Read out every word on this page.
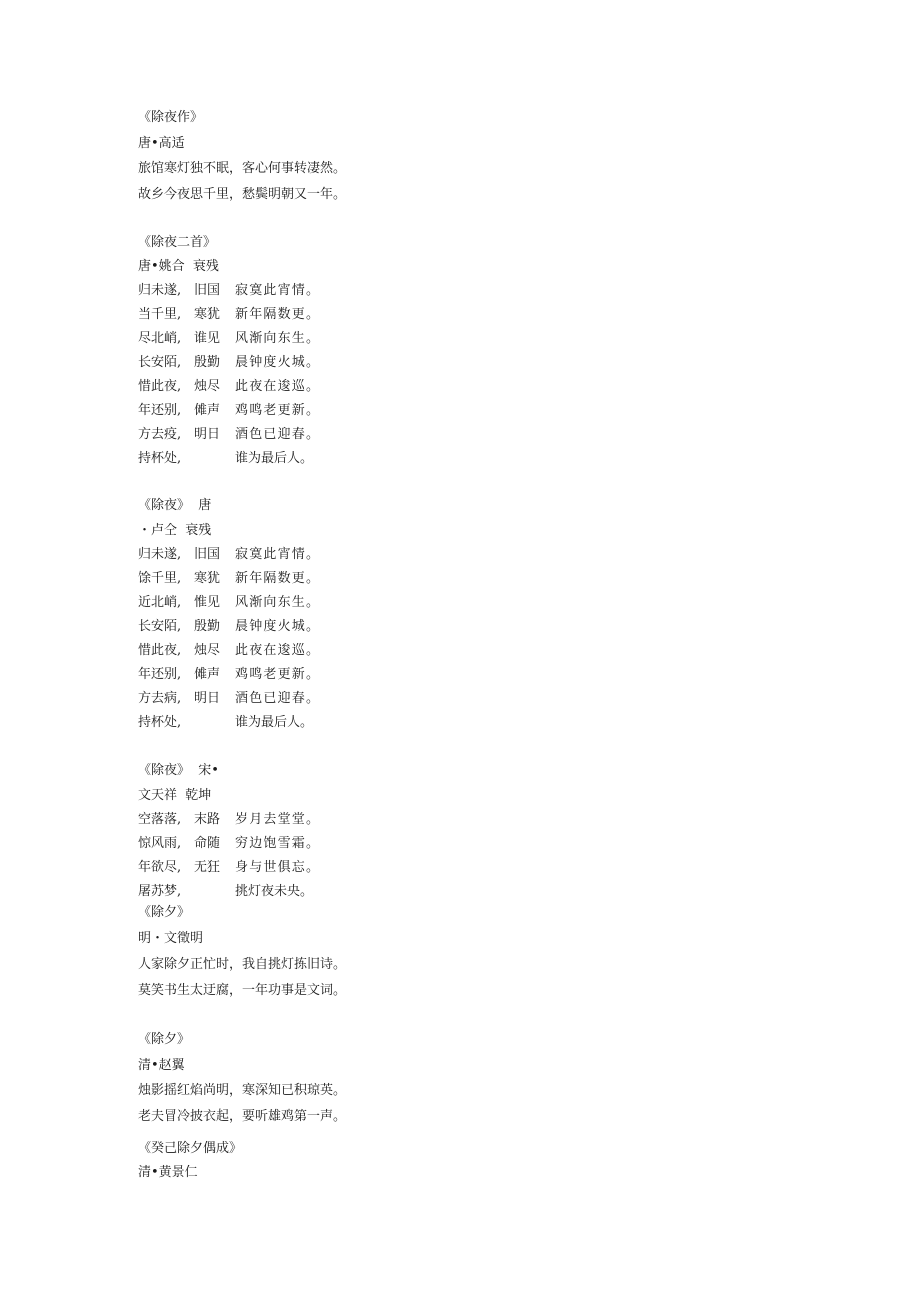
《除夜作》
唐•高适
旅馆寒灯独不眠，客心何事转凄然。
故乡今夜思千里，愁鬓明朝又一年。
《除夜二首》
唐•姚合  衰残
归未遂, 旧国 寂寞此宵情。
当千里, 寒犹 新年隔数更。
尽北峭, 谁见 风渐向东生。
长安陌, 殷勤 晨钟度火城。
惜此夜, 烛尽 此夜在逡巡。
年还别, 傩声 鸡鸣老更新。
方去疫, 明日 酒色已迎春。
持杯处,	谁为最后人。
《除夜》  唐
・卢仝  衰残
归未遂, 旧国 寂寞此宵情。
馀千里, 寒犹 新年隔数更。
近北峭, 惟见 风渐向东生。
长安陌, 殷勤 晨钟度火城。
惜此夜, 烛尽 此夜在逡巡。
年还别, 傩声 鸡鸣老更新。
方去病, 明日 酒色已迎春。
持杯处,	谁为最后人。
《除夜》  宋•
文天祥  乾坤
空落落, 末路 岁月去堂堂。
惊风雨, 命随 穷边饱雪霜。
年欲尽, 无狂 身与世俱忘。
屠苏梦,	挑灯夜未央。
《除夕》
明・文徵明
人家除夕正忙时，我自挑灯拣旧诗。
莫笑书生太迂腐，一年功事是文词。
《除夕》
清•赵翼
烛影摇红焰尚明，寒深知已积琼英。
老夫冒冷披衣起，要听雄鸡第一声。
《癸己除夕偶成》
清•黄景仁
